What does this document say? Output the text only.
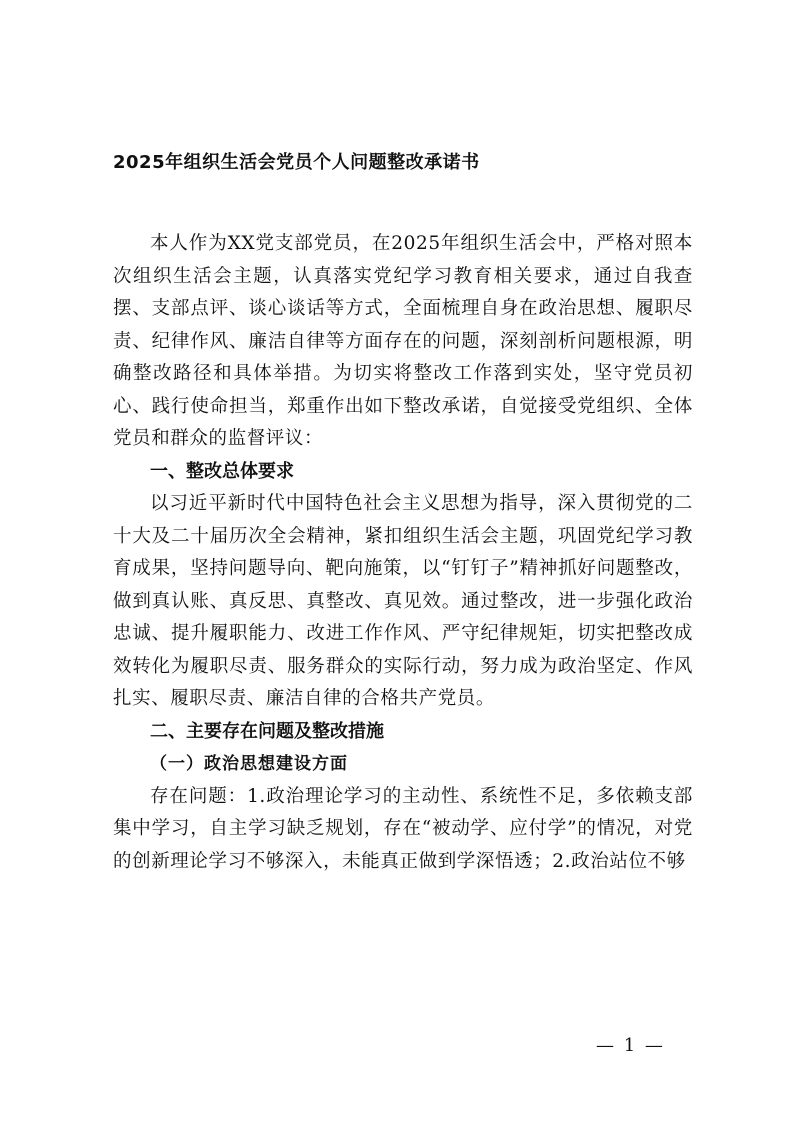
2025年组织生活会党员个人问题整改承诺书

本人作为XX党支部党员，在2025年组织生活会中，严格对照本次组织生活会主题，认真落实党纪学习教育相关要求，通过自我查摆、支部点评、谈心谈话等方式，全面梳理自身在政治思想、履职尽责、纪律作风、廉洁自律等方面存在的问题，深刻剖析问题根源，明确整改路径和具体举措。为切实将整改工作落到实处，坚守党员初心、践行使命担当，郑重作出如下整改承诺，自觉接受党组织、全体党员和群众的监督评议：

一、整改总体要求

以习近平新时代中国特色社会主义思想为指导，深入贯彻党的二十大及二十届历次全会精神，紧扣组织生活会主题，巩固党纪学习教育成果，坚持问题导向、靶向施策，以“钉钉子”精神抓好问题整改，做到真认账、真反思、真整改、真见效。通过整改，进一步强化政治忠诚、提升履职能力、改进工作作风、严守纪律规矩，切实把整改成效转化为履职尽责、服务群众的实际行动，努力成为政治坚定、作风扎实、履职尽责、廉洁自律的合格共产党员。

二、主要存在问题及整改措施

（一）政治思想建设方面

存在问题：1.政治理论学习的主动性、系统性不足，多依赖支部集中学习，自主学习缺乏规划，存在“被动学、应付学”的情况，对党的创新理论学习不够深入，未能真正做到学深悟透；2.政治站位不够

— 1 —
